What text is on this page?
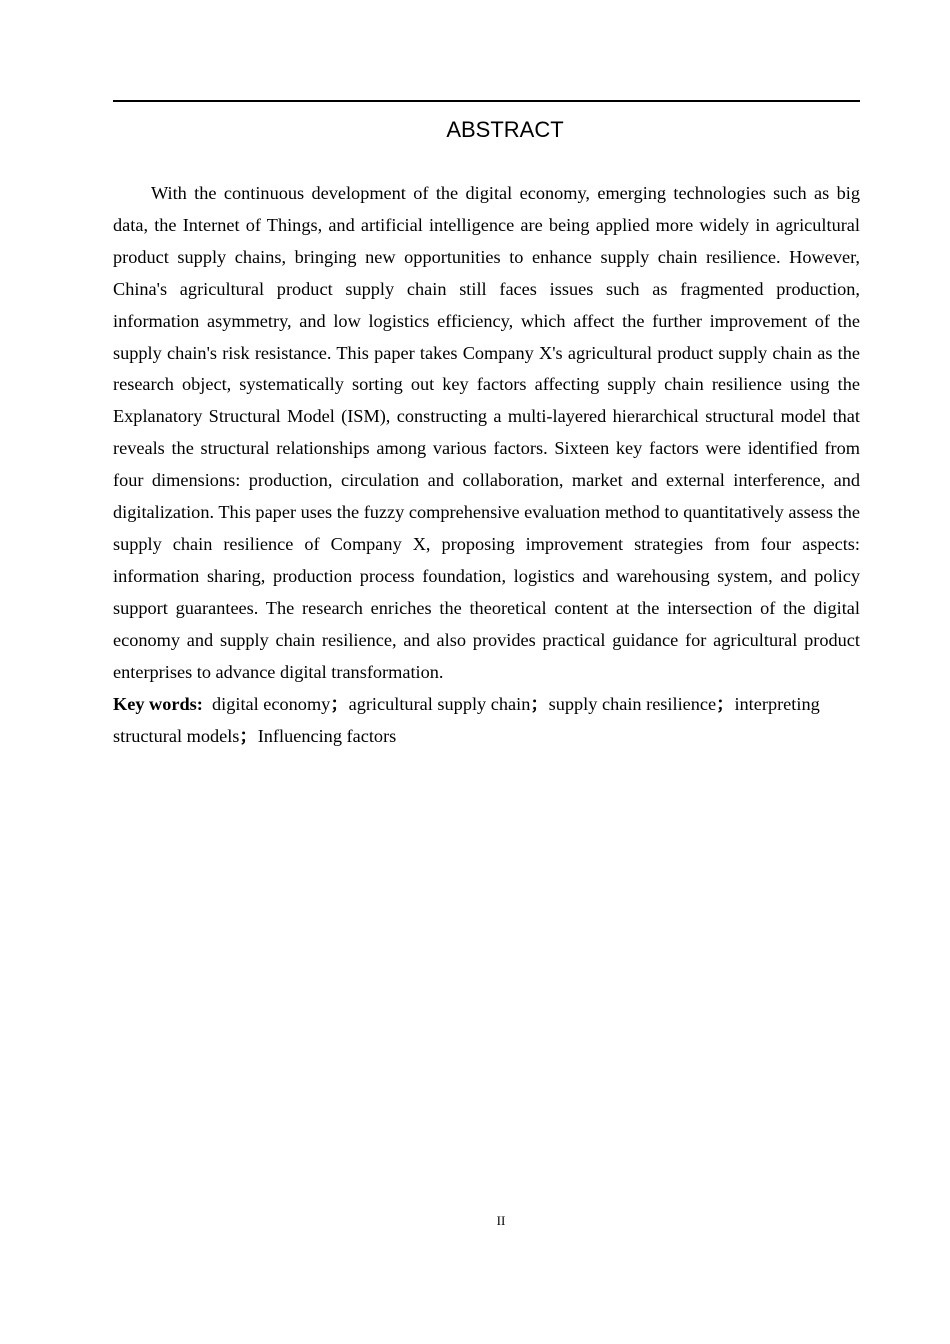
ABSTRACT

With the continuous development of the digital economy, emerging technologies such as big data, the Internet of Things, and artificial intelligence are being applied more widely in agricultural product supply chains, bringing new opportunities to enhance supply chain resilience. However, China's agricultural product supply chain still faces issues such as fragmented production, information asymmetry, and low logistics efficiency, which affect the further improvement of the supply chain's risk resistance. This paper takes Company X's agricultural product supply chain as the research object, systematically sorting out key factors affecting supply chain resilience using the Explanatory Structural Model (ISM), constructing a multi-layered hierarchical structural model that reveals the structural relationships among various factors. Sixteen key factors were identified from four dimensions: production, circulation and collaboration, market and external interference, and digitalization. This paper uses the fuzzy comprehensive evaluation method to quantitatively assess the supply chain resilience of Company X, proposing improvement strategies from four aspects: information sharing, production process foundation, logistics and warehousing system, and policy support guarantees. The research enriches the theoretical content at the intersection of the digital economy and supply chain resilience, and also provides practical guidance for agricultural product enterprises to advance digital transformation.

Key words: digital economy；agricultural supply chain；supply chain resilience；interpreting structural models；Influencing factors

II
